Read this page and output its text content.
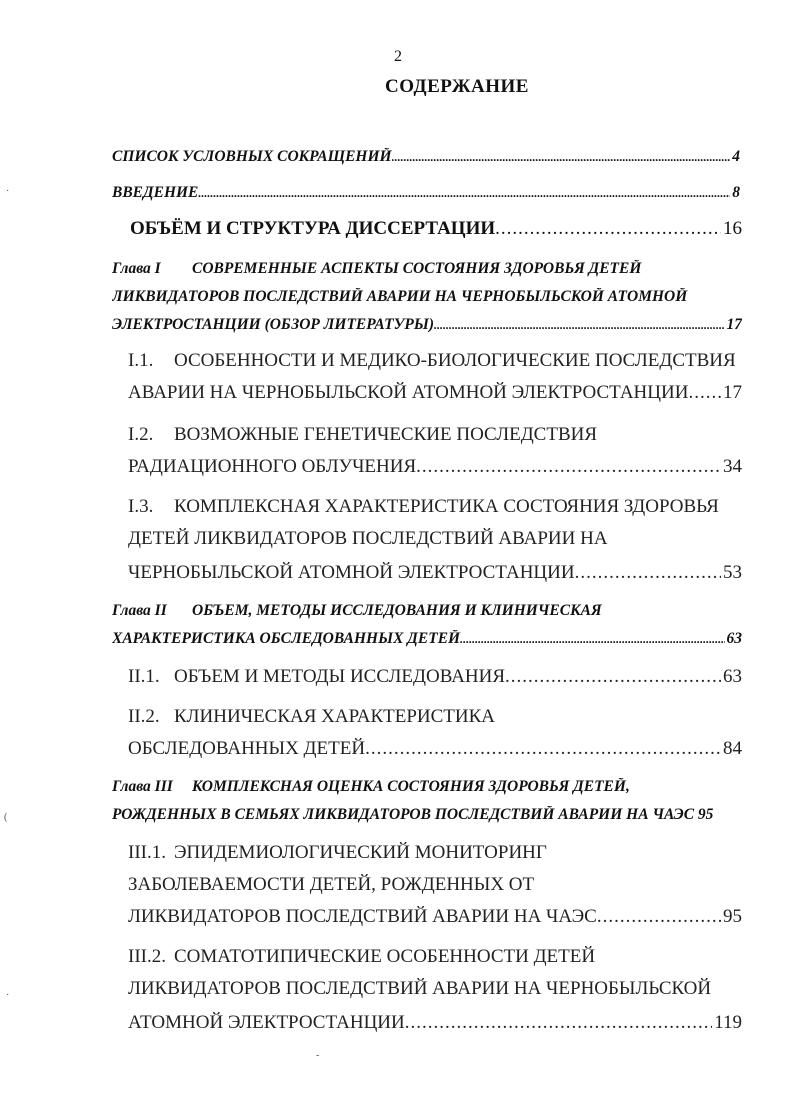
2
СОДЕРЖАНИЕ
СПИСОК УСЛОВНЫХ СОКРАЩЕНИЙ .....	4
ВВЕДЕНИЕ .....	8
ОБЪЁМ И СТРУКТУРА ДИССЕРТАЦИИ .....	16
Глава I	СОВРЕМЕННЫЕ АСПЕКТЫ СОСТОЯНИЯ ЗДОРОВЬЯ ДЕТЕЙ
ЛИКВИДАТОРОВ ПОСЛЕДСТВИЙ АВАРИИ НА ЧЕРНОБЫЛЬСКОЙ АТОМНОЙ
ЭЛЕКТРОСТАНЦИИ (ОБЗОР ЛИТЕРАТУРЫ) .....	17
I.1.	ОСОБЕННОСТИ И МЕДИКО-БИОЛОГИЧЕСКИЕ ПОСЛЕДСТВИЯ
АВАРИИ НА ЧЕРНОБЫЛЬСКОЙ АТОМНОЙ ЭЛЕКТРОСТАНЦИИ ..... 17
I.2.	ВОЗМОЖНЫЕ ГЕНЕТИЧЕСКИЕ ПОСЛЕДСТВИЯ
РАДИАЦИОННОГО ОБЛУЧЕНИЯ .....	34
I.3.	КОМПЛЕКСНАЯ ХАРАКТЕРИСТИКА СОСТОЯНИЯ ЗДОРОВЬЯ
ДЕТЕЙ ЛИКВИДАТОРОВ ПОСЛЕДСТВИЙ АВАРИИ НА
ЧЕРНОБЫЛЬСКОЙ АТОМНОЙ ЭЛЕКТРОСТАНЦИИ .....	53
Глава II	ОБЪЕМ, МЕТОДЫ ИССЛЕДОВАНИЯ И КЛИНИЧЕСКАЯ
ХАРАКТЕРИСТИКА ОБСЛЕДОВАННЫХ ДЕТЕЙ .....	63
II.1. ОБЪЕМ И МЕТОДЫ ИССЛЕДОВАНИЯ .....	63
II.2. КЛИНИЧЕСКАЯ ХАРАКТЕРИСТИКА
ОБСЛЕДОВАННЫХ ДЕТЕЙ .....	84
Глава III	КОМПЛЕКСНАЯ ОЦЕНКА СОСТОЯНИЯ ЗДОРОВЬЯ ДЕТЕЙ,
РОЖДЕННЫХ В СЕМЬЯХ ЛИКВИДАТОРОВ ПОСЛЕДСТВИЙ АВАРИИ НА ЧАЭС 95
III.1. ЭПИДЕМИОЛОГИЧЕСКИЙ МОНИТОРИНГ
ЗАБОЛЕВАЕМОСТИ ДЕТЕЙ, РОЖДЕННЫХ ОТ
ЛИКВИДАТОРОВ ПОСЛЕДСТВИЙ АВАРИИ НА ЧАЭС .....	95
III.2. СОМАТОТИПИЧЕСКИЕ ОСОБЕННОСТИ ДЕТЕЙ
ЛИКВИДАТОРОВ ПОСЛЕДСТВИЙ АВАРИИ НА ЧЕРНОБЫЛЬСКОЙ
АТОМНОЙ ЭЛЕКТРОСТАНЦИИ .....	119
·
(
·
-
